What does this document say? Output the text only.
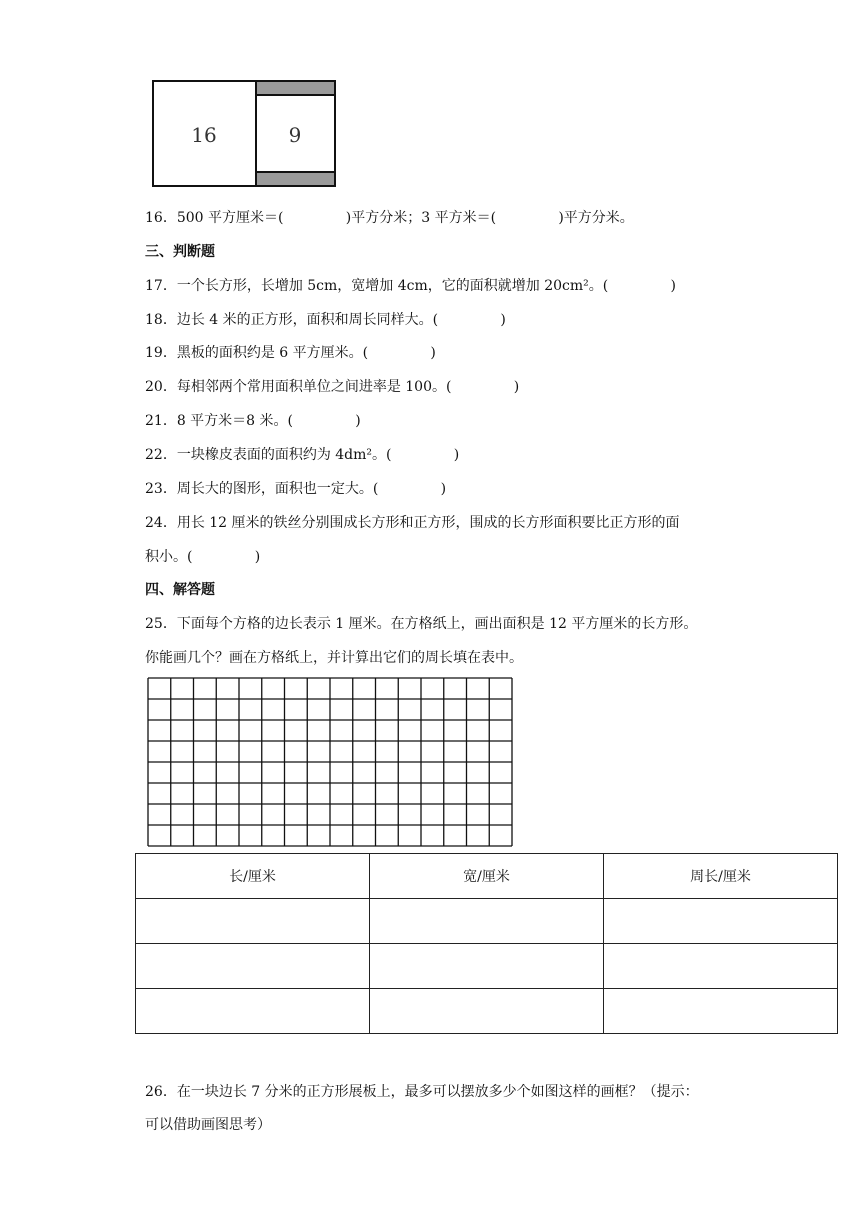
16	9
16．500 平方厘米＝(              )平方分米；3 平方米＝(              )平方分米。
三、判断题
17．一个长方形，长增加 5cm，宽增加 4cm，它的面积就增加 20cm²。(              )
18．边长 4 米的正方形，面积和周长同样大。(              )
19．黑板的面积约是 6 平方厘米。(              )
20．每相邻两个常用面积单位之间进率是 100。(              )
21．8 平方米＝8 米。(              )
22．一块橡皮表面的面积约为 4dm²。(              )
23．周长大的图形，面积也一定大。(              )
24．用长 12 厘米的铁丝分别围成长方形和正方形，围成的长方形面积要比正方形的面
积小。(              )
四、解答题
25．下面每个方格的边长表示 1 厘米。在方格纸上，画出面积是 12 平方厘米的长方形。
你能画几个？画在方格纸上，并计算出它们的周长填在表中。
长/厘米	宽/厘米	周长/厘米

26．在一块边长 7 分米的正方形展板上，最多可以摆放多少个如图这样的画框？（提示：
可以借助画图思考）
